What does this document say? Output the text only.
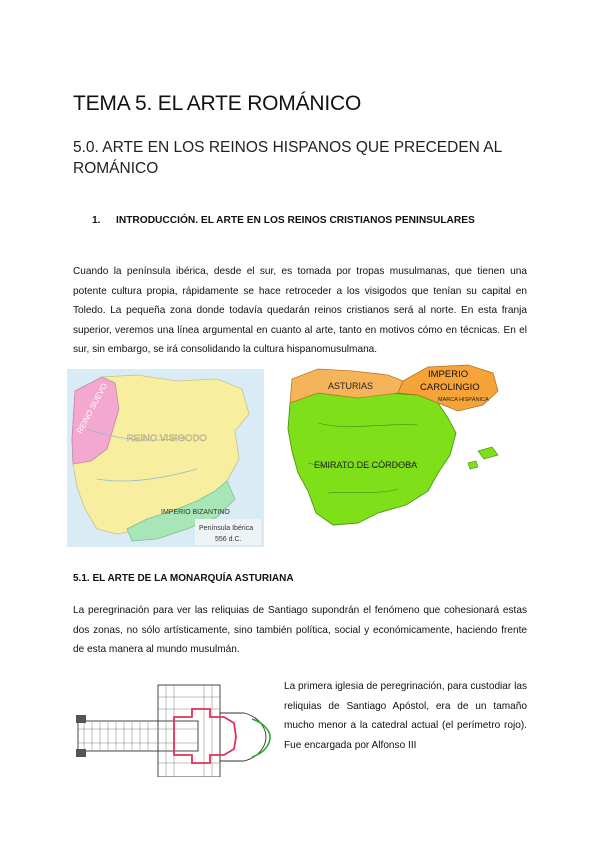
TEMA 5. EL ARTE ROMÁNICO
5.0. ARTE EN LOS REINOS HISPANOS QUE PRECEDEN AL ROMÁNICO
1. INTRODUCCIÓN. EL ARTE EN LOS REINOS CRISTIANOS PENINSULARES
Cuando la península ibérica, desde el sur, es tomada por tropas musulmanas, que tienen una potente cultura propia, rápidamente se hace retroceder a los visigodos que tenían su capital en Toledo. La pequeña zona donde todavía quedarán reinos cristianos será al norte. En esta franja superior, veremos una línea argumental en cuanto al arte, tanto en motivos cómo en técnicas. En el sur, sin embargo, se irá consolidando la cultura hispanomusulmana.
REINO SUEVO
REINO VISIGODO
IMPERIO BIZANTINO
Península Ibérica
556 d.C.
ASTURIAS
IMPERIO
CAROLINGIO
MARCA HISPÁNICA
EMIRATO DE CÓRDOBA
5.1. EL ARTE DE LA MONARQUÍA ASTURIANA
La peregrinación para ver las reliquias de Santiago supondrán el fenómeno que cohesionará estas dos zonas, no sólo artísticamente, sino también política, social y económicamente, haciendo frente de esta manera al mundo musulmán.
La primera iglesia de peregrinación, para custodiar las reliquias de Santiago Apóstol, era de un tamaño mucho menor a la catedral actual (el perímetro rojo). Fue encargada por Alfonso III
